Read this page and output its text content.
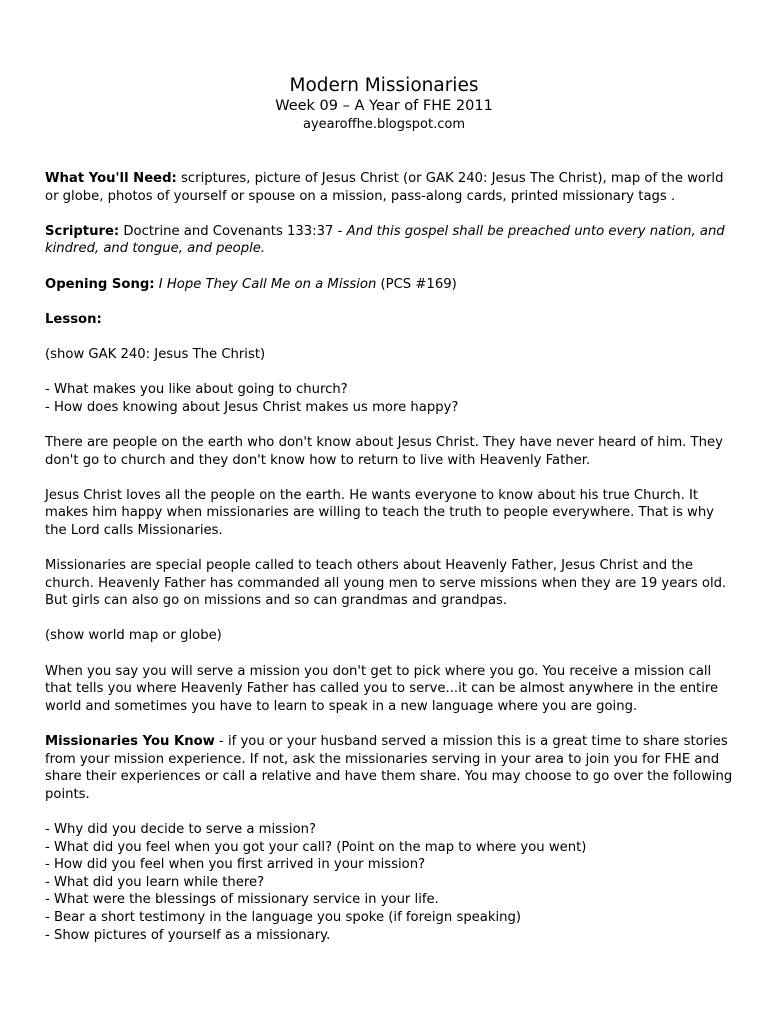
Modern Missionaries
Week 09 – A Year of FHE 2011
ayearoffhe.blogspot.com

What You'll Need: scriptures, picture of Jesus Christ (or GAK 240: Jesus The Christ), map of the world or globe, photos of yourself or spouse on a mission, pass-along cards, printed missionary tags .

Scripture: Doctrine and Covenants 133:37 - And this gospel shall be preached unto every nation, and kindred, and tongue, and people.

Opening Song: I Hope They Call Me on a Mission (PCS #169)

Lesson:

(show GAK 240: Jesus The Christ)

- What makes you like about going to church?

- How does knowing about Jesus Christ makes us more happy?

There are people on the earth who don't know about Jesus Christ. They have never heard of him. They don't go to church and they don't know how to return to live with Heavenly Father.

Jesus Christ loves all the people on the earth. He wants everyone to know about his true Church. It makes him happy when missionaries are willing to teach the truth to people everywhere. That is why the Lord calls Missionaries.

Missionaries are special people called to teach others about Heavenly Father, Jesus Christ and the church. Heavenly Father has commanded all young men to serve missions when they are 19 years old. But girls can also go on missions and so can grandmas and grandpas.

(show world map or globe)

When you say you will serve a mission you don't get to pick where you go. You receive a mission call that tells you where Heavenly Father has called you to serve...it can be almost anywhere in the entire world and sometimes you have to learn to speak in a new language where you are going.

Missionaries You Know - if you or your husband served a mission this is a great time to share stories from your mission experience. If not, ask the missionaries serving in your area to join you for FHE and share their experiences or call a relative and have them share. You may choose to go over the following points.

- Why did you decide to serve a mission?

- What did you feel when you got your call? (Point on the map to where you went)

- How did you feel when you first arrived in your mission?

- What did you learn while there?

- What were the blessings of missionary service in your life.

- Bear a short testimony in the language you spoke (if foreign speaking)

- Show pictures of yourself as a missionary.
